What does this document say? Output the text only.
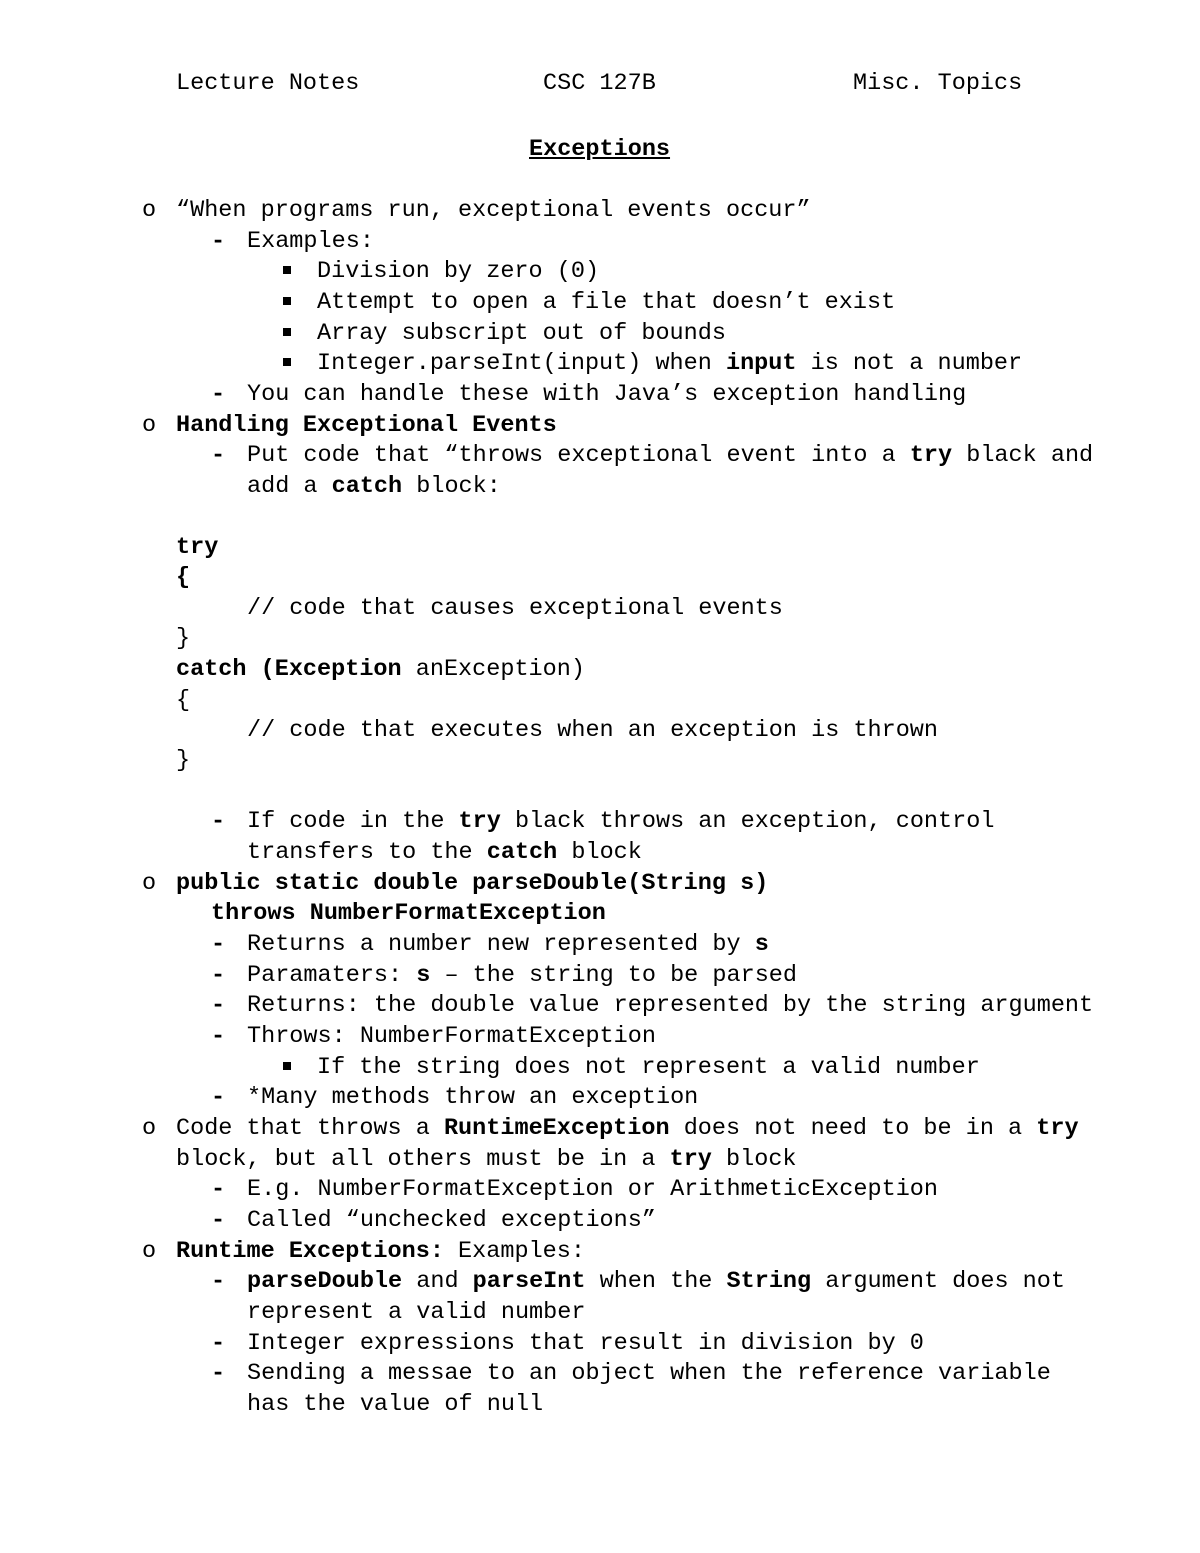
Lecture Notes	CSC 127B	Misc. Topics
Exceptions
o “When programs run, exceptional events occur”
- Examples:
Division by zero (0)
Attempt to open a file that doesn’t exist
Array subscript out of bounds
Integer.parseInt(input) when input is not a number
- You can handle these with Java’s exception handling
o Handling Exceptional Events
- Put code that “throws exceptional event into a try black and
add a catch block:
try
{
// code that causes exceptional events
}
catch (Exception anException)
{
// code that executes when an exception is thrown
}
- If code in the try black throws an exception, control
transfers to the catch block
o public static double parseDouble(String s)
throws NumberFormatException
- Returns a number new represented by s
- Paramaters: s – the string to be parsed
- Returns: the double value represented by the string argument
- Throws: NumberFormatException
If the string does not represent a valid number
- *Many methods throw an exception
o Code that throws a RuntimeException does not need to be in a try
block, but all others must be in a try block
- E.g. NumberFormatException or ArithmeticException
- Called “unchecked exceptions”
o Runtime Exceptions: Examples:
- parseDouble and parseInt when the String argument does not
represent a valid number
- Integer expressions that result in division by 0
- Sending a messae to an object when the reference variable
has the value of null
